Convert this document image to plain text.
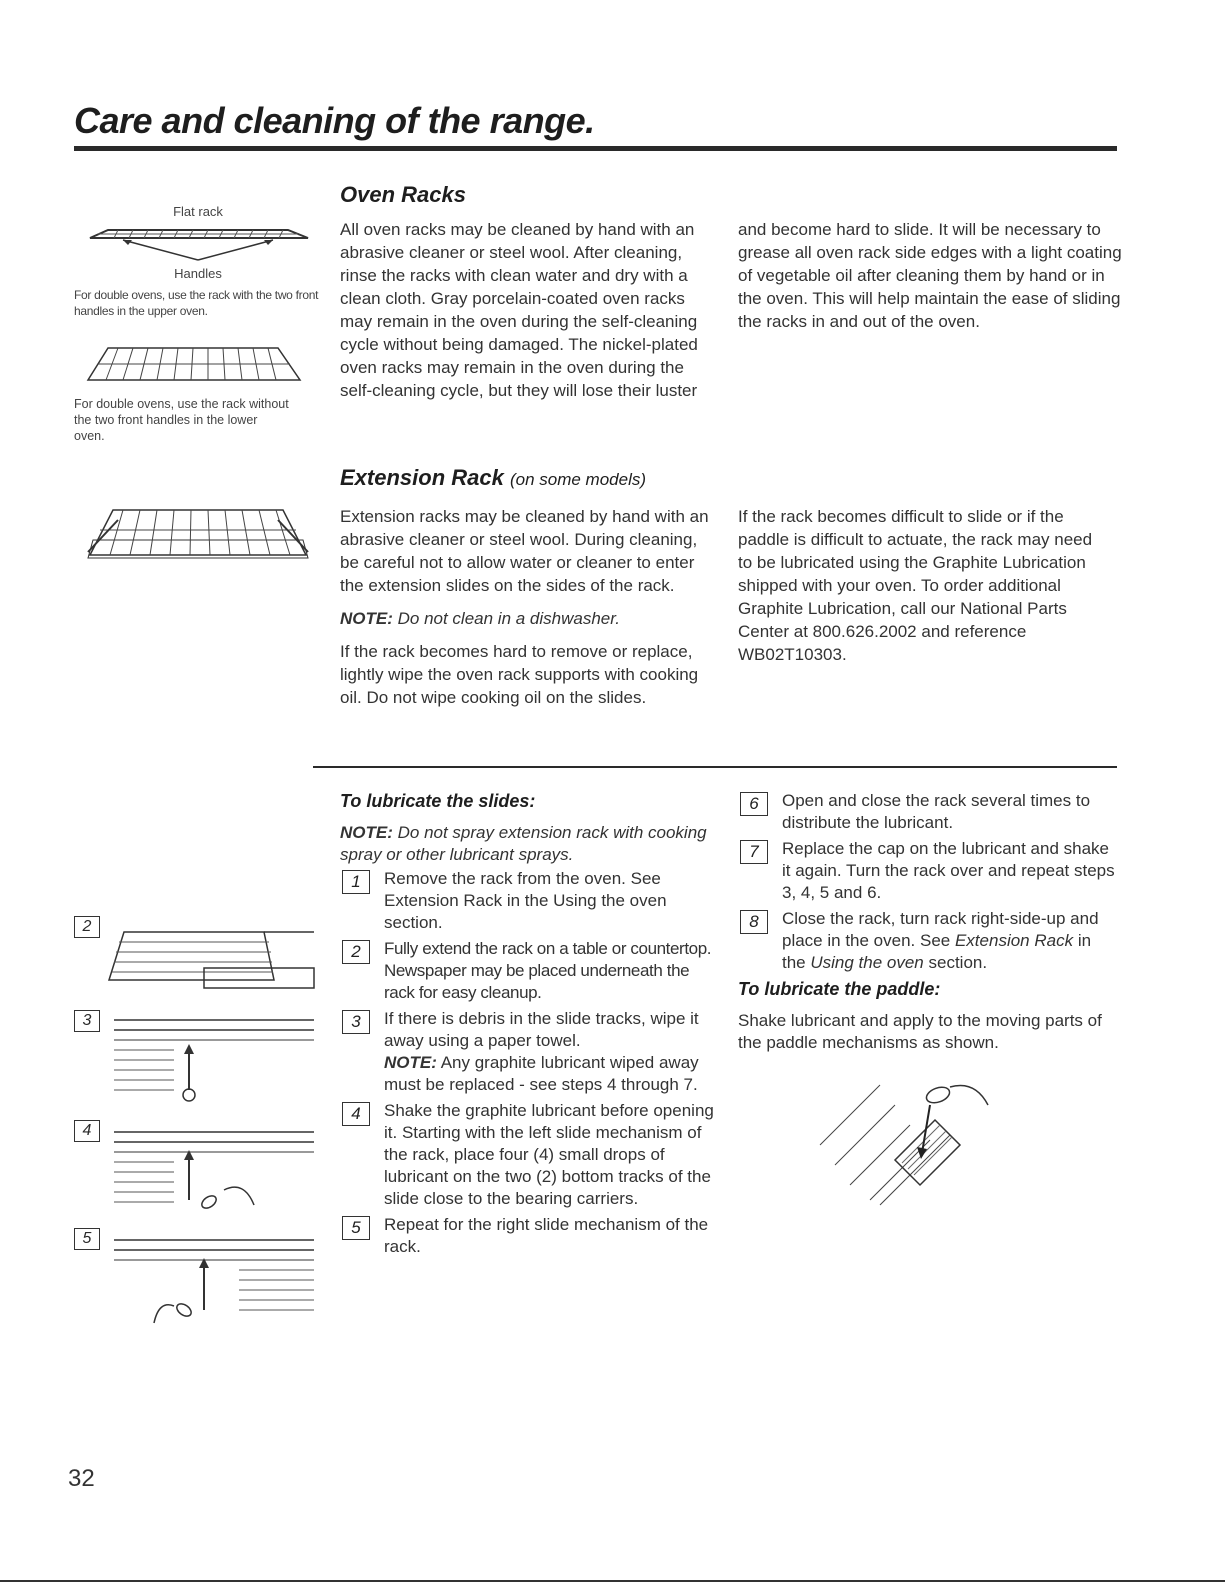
Care and cleaning of the range.
Flat rack
Handles

For double ovens, use the rack with the two front handles in the upper oven.

For double ovens, use the rack without the two front handles in the lower oven.

Oven Racks

All oven racks may be cleaned by hand with an abrasive cleaner or steel wool. After cleaning, rinse the racks with clean water and dry with a clean cloth. Gray porcelain-coated oven racks may remain in the oven during the self-cleaning cycle without being damaged. The nickel-plated oven racks may remain in the oven during the self-cleaning cycle, but they will lose their luster

and become hard to slide. It will be necessary to grease all oven rack side edges with a light coating of vegetable oil after cleaning them by hand or in the oven. This will help maintain the ease of sliding the racks in and out of the oven.

Extension Rack (on some models)

Extension racks may be cleaned by hand with an abrasive cleaner or steel wool. During cleaning, be careful not to allow water or cleaner to enter the extension slides on the sides of the rack.

NOTE: Do not clean in a dishwasher.

If the rack becomes hard to remove or replace, lightly wipe the oven rack supports with cooking oil. Do not wipe cooking oil on the slides.

If the rack becomes difficult to slide or if the paddle is difficult to actuate, the rack may need to be lubricated using the Graphite Lubrication shipped with your oven. To order additional Graphite Lubrication, call our National Parts Center at 800.626.2002 and reference WB02T10303.

2
3
4
5

To lubricate the slides:

NOTE: Do not spray extension rack with cooking spray or other lubricant sprays.

1	Remove the rack from the oven. See Extension Rack in the Using the oven section.
2	Fully extend the rack on a table or countertop. Newspaper may be placed underneath the rack for easy cleanup.
3	If there is debris in the slide tracks, wipe it away using a paper towel.
NOTE: Any graphite lubricant wiped away must be replaced - see steps 4 through 7.
4	Shake the graphite lubricant before opening it. Starting with the left slide mechanism of the rack, place four (4) small drops of lubricant on the two (2) bottom tracks of the slide close to the bearing carriers.
5	Repeat for the right slide mechanism of the rack.
6	Open and close the rack several times to distribute the lubricant.
7	Replace the cap on the lubricant and shake it again. Turn the rack over and repeat steps 3, 4, 5 and 6.
8	Close the rack, turn rack right-side-up and place in the oven. See Extension Rack in the Using the oven section.

To lubricate the paddle:

Shake lubricant and apply to the moving parts of the paddle mechanisms as shown.

32
